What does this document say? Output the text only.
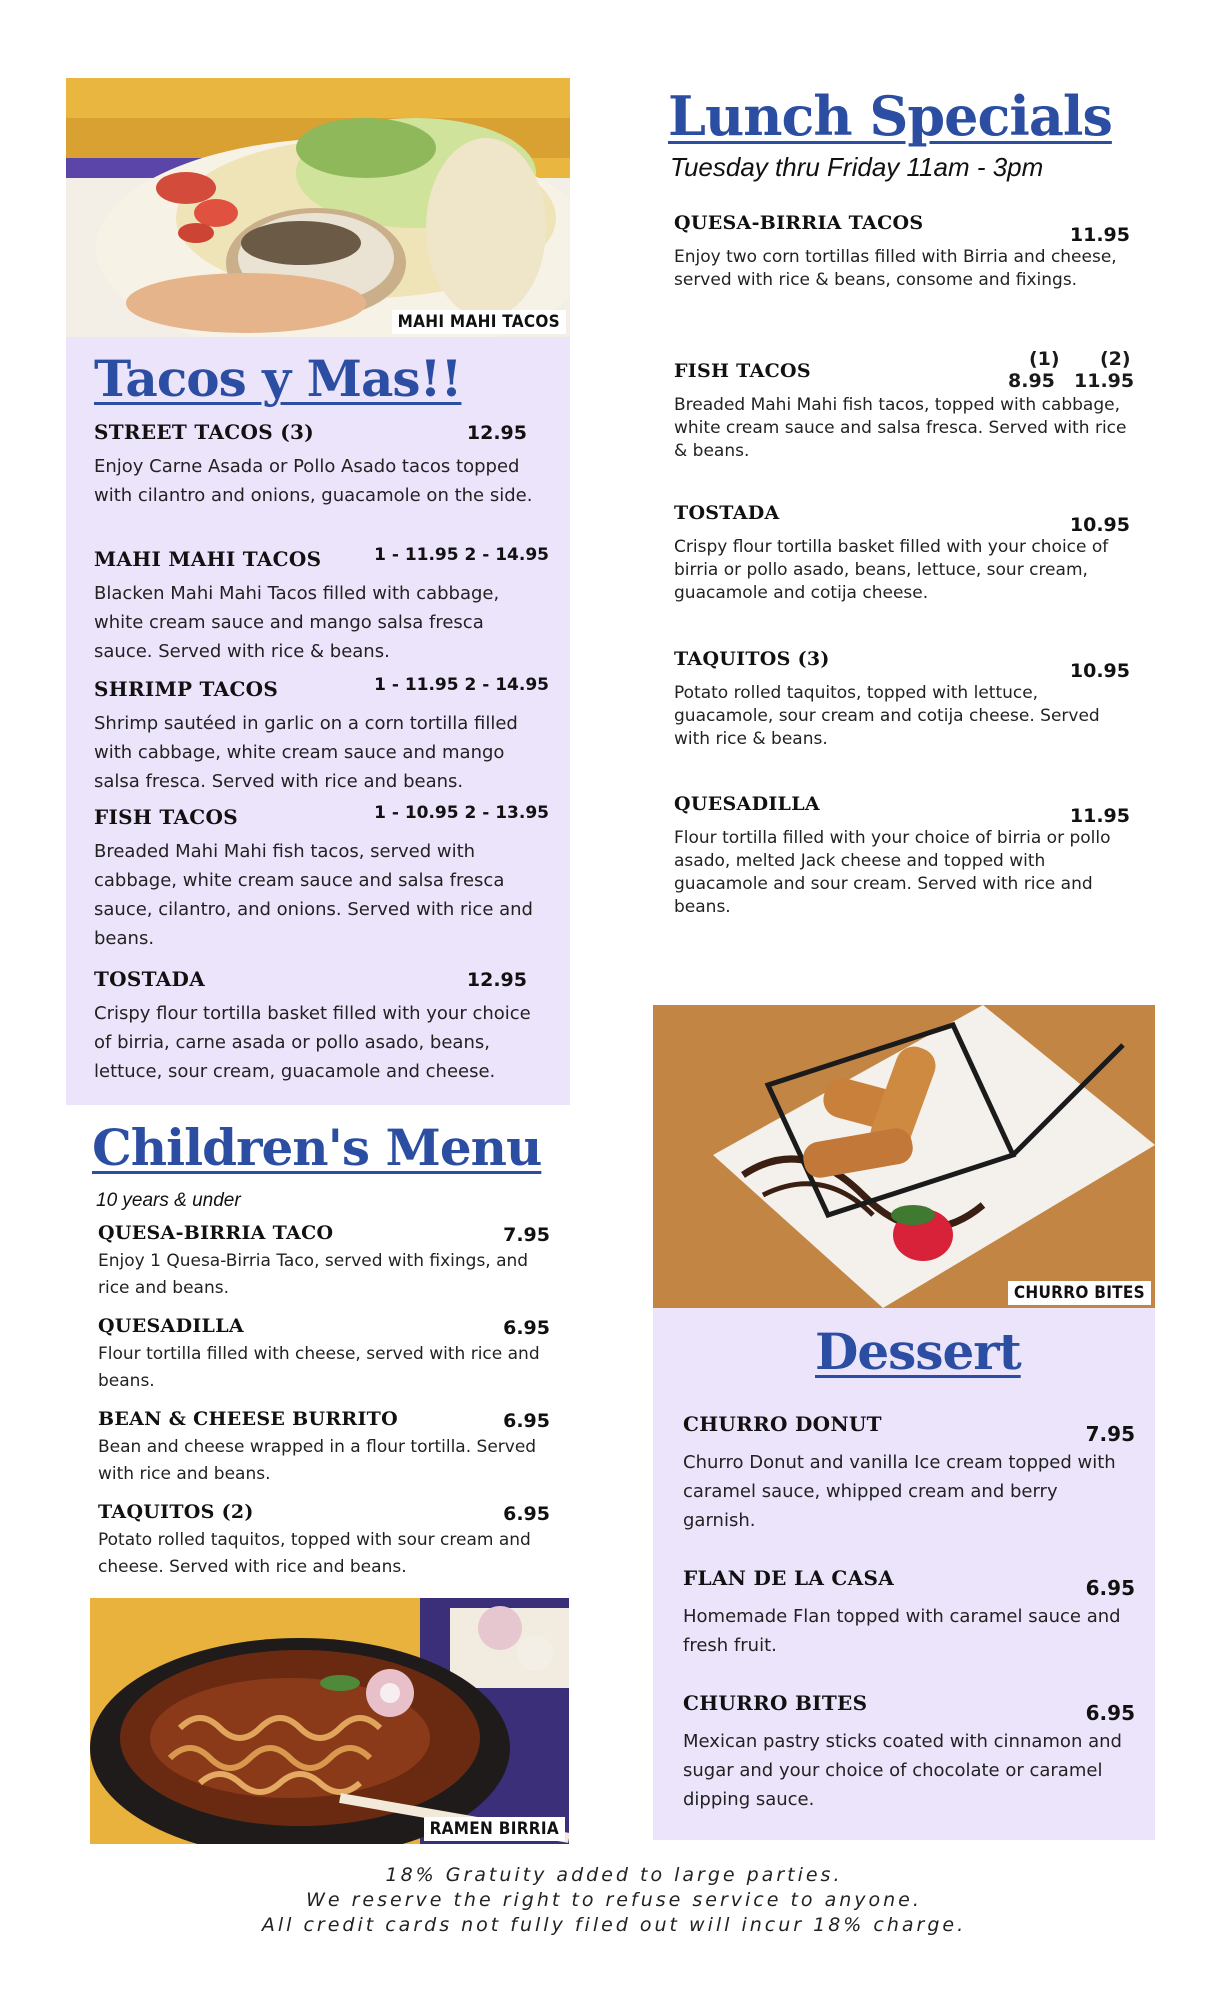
MAHI MAHI TACOS
Tacos y Mas!!
STREET TACOS (3)	12.95

Enjoy Carne Asada or Pollo Asado tacos topped with cilantro and onions, guacamole on the side.

MAHI MAHI TACOS	1 - 11.95 2 - 14.95

Blacken Mahi Mahi Tacos filled with cabbage, white cream sauce and mango salsa fresca sauce. Served with rice & beans.

SHRIMP TACOS	1 - 11.95 2 - 14.95

Shrimp sautéed in garlic on a corn tortilla filled with cabbage, white cream sauce and mango salsa fresca. Served with rice and beans.

FISH TACOS	1 - 10.95 2 - 13.95

Breaded Mahi Mahi fish tacos, served with cabbage, white cream sauce and salsa fresca sauce, cilantro, and onions. Served with rice and beans.

TOSTADA	12.95

Crispy flour tortilla basket filled with your choice of birria, carne asada or pollo asado, beans, lettuce, sour cream, guacamole and cheese.

Children's Menu
10 years & under
QUESA-BIRRIA TACO	7.95

Enjoy 1 Quesa-Birria Taco, served with fixings, and rice and beans.

QUESADILLA	6.95

Flour tortilla filled with cheese, served with rice and beans.

BEAN & CHEESE BURRITO	6.95

Bean and cheese wrapped in a flour tortilla. Served with rice and beans.

TAQUITOS (2)	6.95

Potato rolled taquitos, topped with sour cream and cheese. Served with rice and beans.

RAMEN BIRRIA
Lunch Specials
Tuesday thru Friday 11am - 3pm
QUESA-BIRRIA TACOS
11.95

Enjoy two corn tortillas filled with Birria and cheese, served with rice & beans, consome and fixings.

FISH TACOS
(1) (2)
8.95 11.95

Breaded Mahi Mahi fish tacos, topped with cabbage, white cream sauce and salsa fresca. Served with rice & beans.

TOSTADA
10.95

Crispy flour tortilla basket filled with your choice of birria or pollo asado, beans, lettuce, sour cream, guacamole and cotija cheese.

TAQUITOS (3)
10.95

Potato rolled taquitos, topped with lettuce, guacamole, sour cream and cotija cheese. Served with rice & beans.

QUESADILLA
11.95

Flour tortilla filled with your choice of birria or pollo asado, melted Jack cheese and topped with guacamole and sour cream. Served with rice and beans.

CHURRO BITES
Dessert
CHURRO DONUT	7.95

Churro Donut and vanilla Ice cream topped with caramel sauce, whipped cream and berry garnish.

FLAN DE LA CASA	6.95

Homemade Flan topped with caramel sauce and fresh fruit.

CHURRO BITES	6.95

Mexican pastry sticks coated with cinnamon and sugar and your choice of chocolate or caramel dipping sauce.

18% Gratuity added to large parties.
We reserve the right to refuse service to anyone.
All credit cards not fully filed out will incur 18% charge.
